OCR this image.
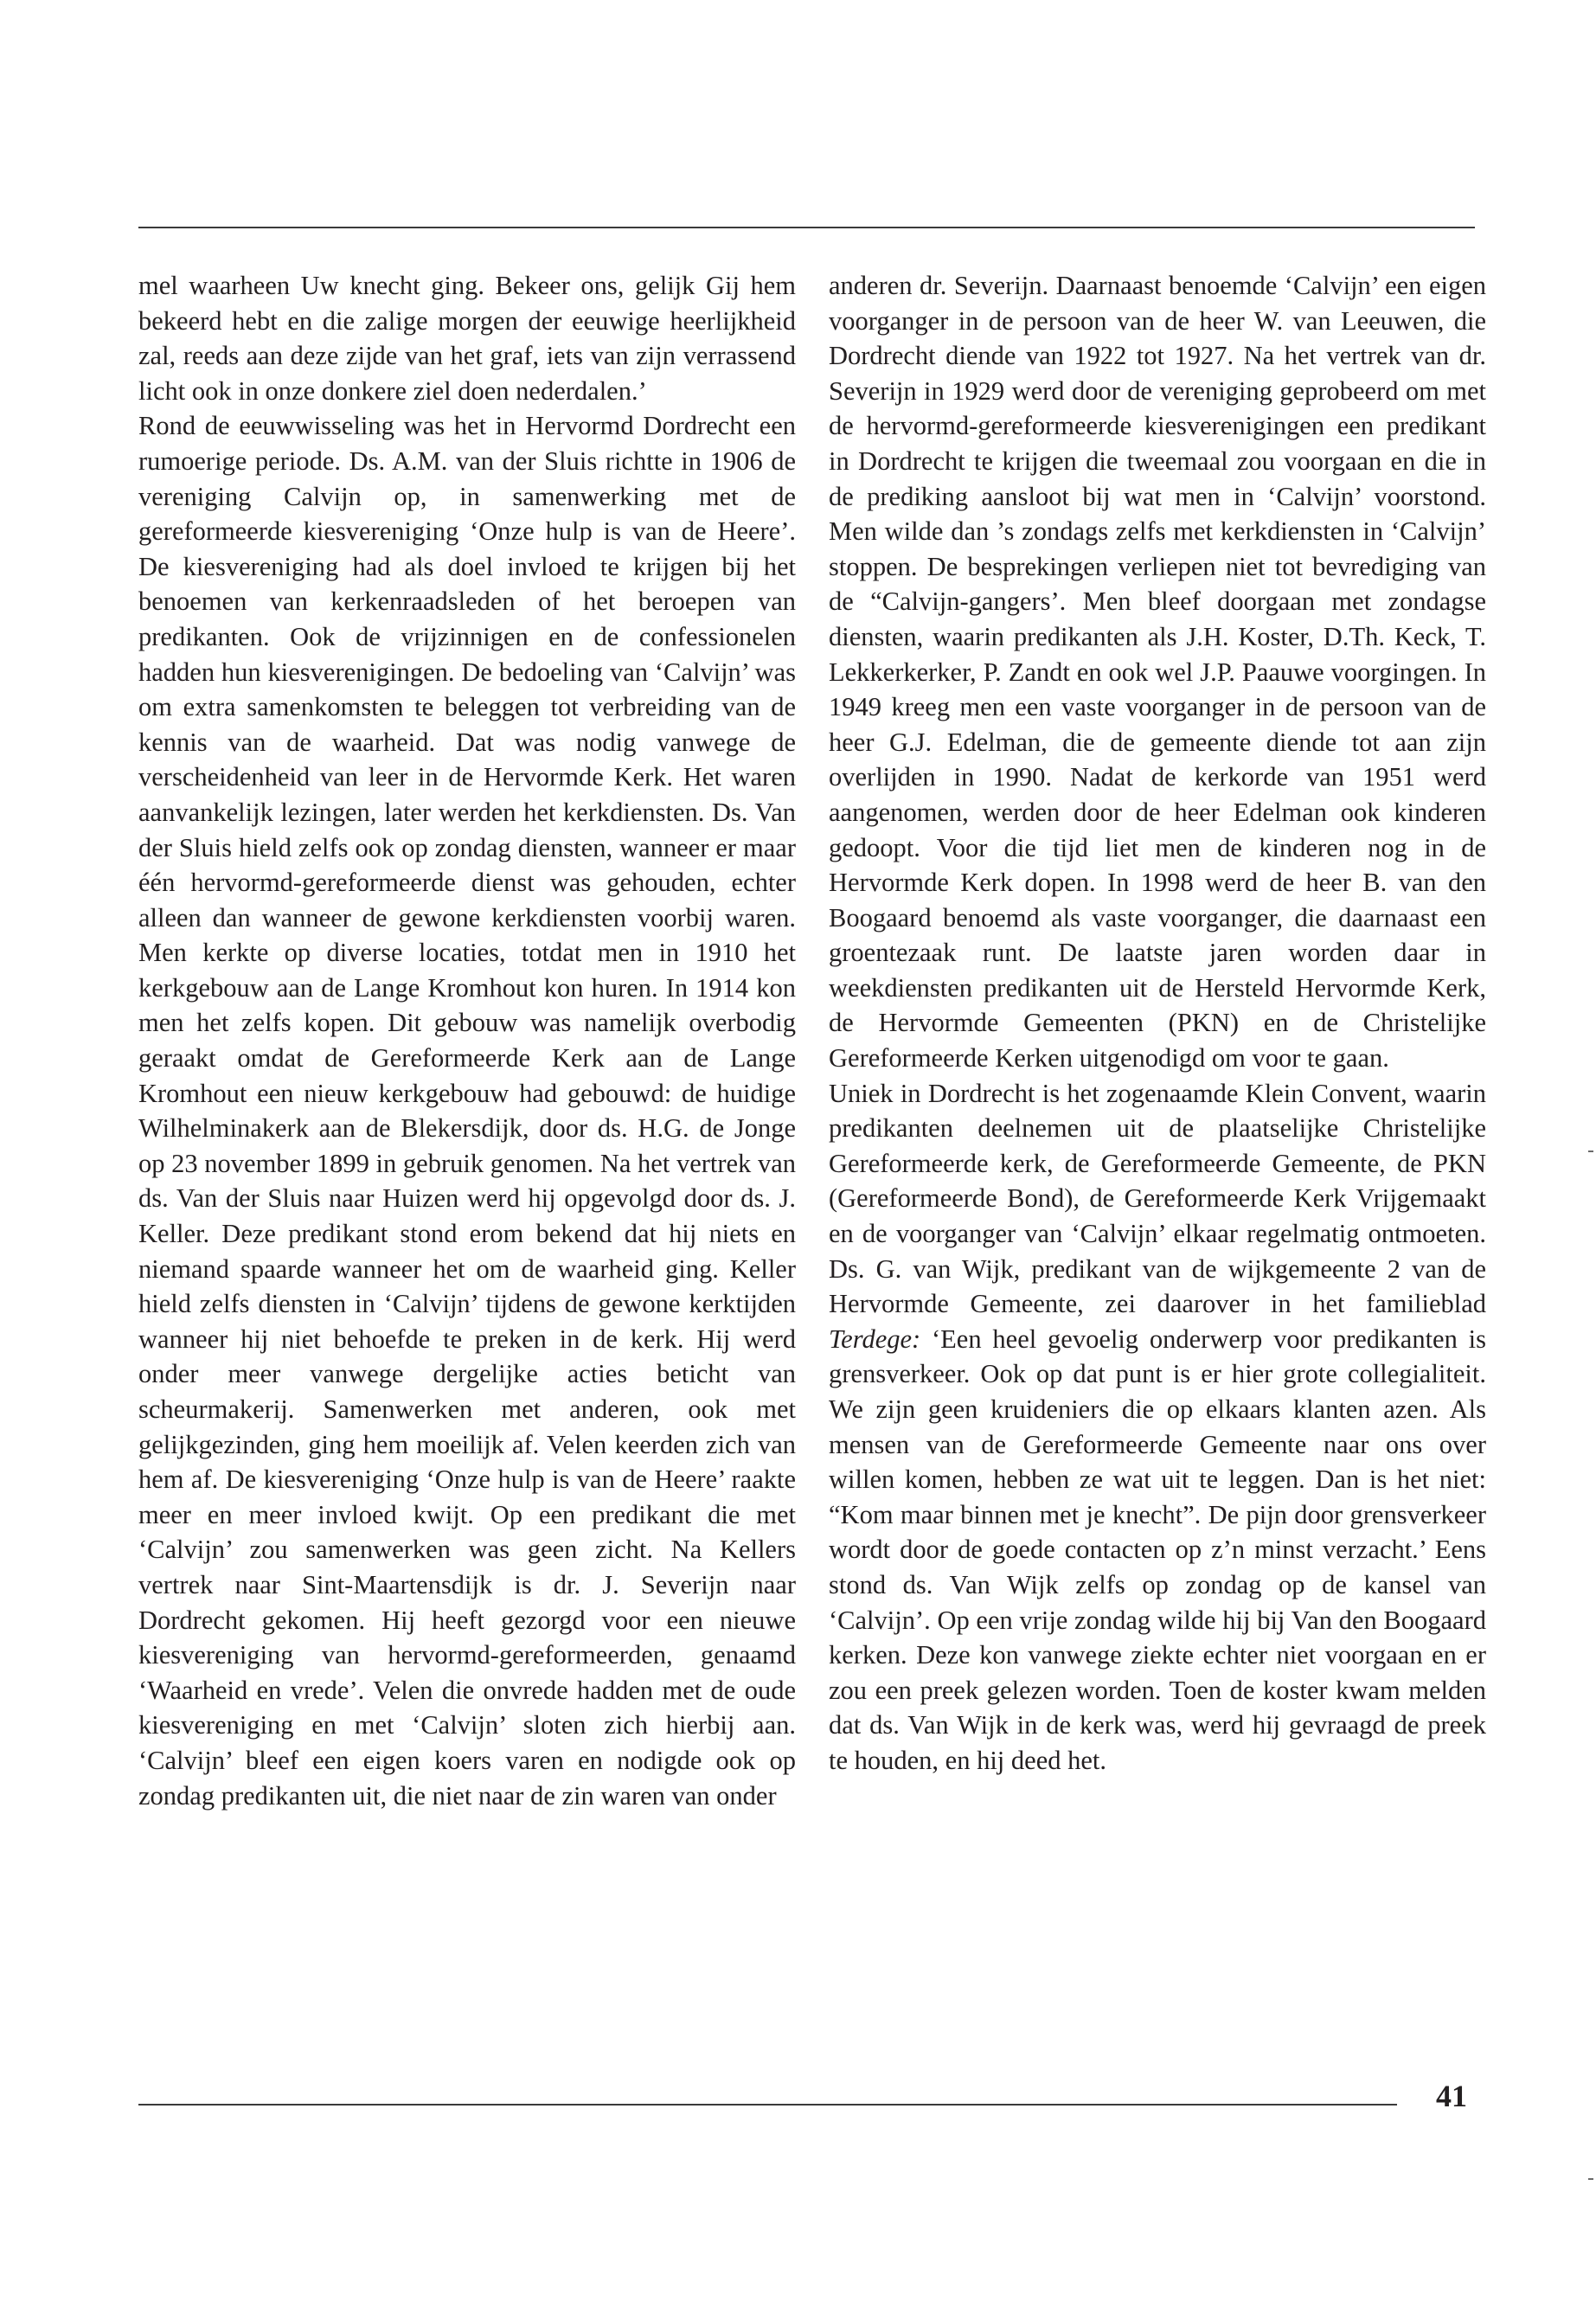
mel waarheen Uw knecht ging. Bekeer ons, gelijk Gij hem bekeerd hebt en die zalige morgen der eeuwige heerlijkheid zal, reeds aan deze zijde van het graf, iets van zijn verrassend licht ook in onze donkere ziel doen nederdalen.’

Rond de eeuwwisseling was het in Hervormd Dordrecht een rumoerige periode. Ds. A.M. van der Sluis richtte in 1906 de vereniging Calvijn op, in samenwerking met de gereformeerde kiesvereniging ‘Onze hulp is van de Heere’. De kiesvereniging had als doel invloed te krijgen bij het benoemen van kerkenraadsleden of het beroepen van predikanten. Ook de vrijzinnigen en de confessionelen hadden hun kiesverenigingen. De bedoeling van ‘Calvijn’ was om extra samenkomsten te beleggen tot verbreiding van de kennis van de waarheid. Dat was nodig vanwege de verscheidenheid van leer in de Hervormde Kerk. Het waren aanvankelijk lezingen, later werden het kerkdiensten. Ds. Van der Sluis hield zelfs ook op zondag diensten, wanneer er maar één hervormd-gereformeerde dienst was gehouden, echter alleen dan wanneer de gewone kerkdiensten voorbij waren. Men kerkte op diverse locaties, totdat men in 1910 het kerkgebouw aan de Lange Kromhout kon huren. In 1914 kon men het zelfs kopen. Dit gebouw was namelijk overbodig geraakt omdat de Gereformeerde Kerk aan de Lange Kromhout een nieuw kerkgebouw had gebouwd: de huidige Wilhelminakerk aan de Blekersdijk, door ds. H.G. de Jonge op 23 november 1899 in gebruik genomen. Na het vertrek van ds. Van der Sluis naar Huizen werd hij opgevolgd door ds. J. Keller. Deze predikant stond erom bekend dat hij niets en niemand spaarde wanneer het om de waarheid ging. Keller hield zelfs diensten in ‘Calvijn’ tijdens de gewone kerktijden wanneer hij niet behoefde te preken in de kerk. Hij werd onder meer vanwege dergelijke acties beticht van scheurmakerij. Samenwerken met anderen, ook met gelijkgezinden, ging hem moeilijk af. Velen keerden zich van hem af. De kiesvereniging ‘Onze hulp is van de Heere’ raakte meer en meer invloed kwijt. Op een predikant die met ‘Calvijn’ zou samenwerken was geen zicht. Na Kellers vertrek naar Sint-Maartensdijk is dr. J. Severijn naar Dordrecht gekomen. Hij heeft gezorgd voor een nieuwe kiesvereniging van hervormd-gereformeerden, genaamd ‘Waarheid en vrede’. Velen die onvrede hadden met de oude kiesvereniging en met ‘Calvijn’ sloten zich hierbij aan. ‘Calvijn’ bleef een eigen koers varen en nodigde ook op zondag predikanten uit, die niet naar de zin waren van onder

anderen dr. Severijn. Daarnaast benoemde ‘Calvijn’ een eigen voorganger in de persoon van de heer W. van Leeuwen, die Dordrecht diende van 1922 tot 1927. Na het vertrek van dr. Severijn in 1929 werd door de vereniging geprobeerd om met de hervormd-gereformeerde kiesverenigingen een predikant in Dordrecht te krijgen die tweemaal zou voorgaan en die in de prediking aansloot bij wat men in ‘Calvijn’ voorstond. Men wilde dan ’s zondags zelfs met kerkdiensten in ‘Calvijn’ stoppen. De besprekingen verliepen niet tot bevrediging van de “Calvijn-gangers’. Men bleef doorgaan met zondagse diensten, waarin predikanten als J.H. Koster, D.Th. Keck, T. Lekkerkerker, P. Zandt en ook wel J.P. Paauwe voorgingen. In 1949 kreeg men een vaste voorganger in de persoon van de heer G.J. Edelman, die de gemeente diende tot aan zijn overlijden in 1990. Nadat de kerkorde van 1951 werd aangenomen, werden door de heer Edelman ook kinderen gedoopt. Voor die tijd liet men de kinderen nog in de Hervormde Kerk dopen. In 1998 werd de heer B. van den Boogaard benoemd als vaste voorganger, die daarnaast een groentezaak runt. De laatste jaren worden daar in weekdiensten predikanten uit de Hersteld Hervormde Kerk, de Hervormde Gemeenten (PKN) en de Christelijke Gereformeerde Kerken uitgenodigd om voor te gaan.

Uniek in Dordrecht is het zogenaamde Klein Convent, waarin predikanten deelnemen uit de plaatselijke Christelijke Gereformeerde kerk, de Gereformeerde Gemeente, de PKN (Gereformeerde Bond), de Gereformeerde Kerk Vrijgemaakt en de voorganger van ‘Calvijn’ elkaar regelmatig ontmoeten. Ds. G. van Wijk, predikant van de wijkgemeente 2 van de Hervormde Gemeente, zei daarover in het familieblad Terdege: ‘Een heel gevoelig onderwerp voor predikanten is grensverkeer. Ook op dat punt is er hier grote collegialiteit. We zijn geen kruideniers die op elkaars klanten azen. Als mensen van de Gereformeerde Gemeente naar ons over willen komen, hebben ze wat uit te leggen. Dan is het niet: “Kom maar binnen met je knecht”. De pijn door grensverkeer wordt door de goede contacten op z’n minst verzacht.’ Eens stond ds. Van Wijk zelfs op zondag op de kansel van ‘Calvijn’. Op een vrije zondag wilde hij bij Van den Boogaard kerken. Deze kon vanwege ziekte echter niet voorgaan en er zou een preek gelezen worden. Toen de koster kwam melden dat ds. Van Wijk in de kerk was, werd hij gevraagd de preek te houden, en hij deed het.

41
